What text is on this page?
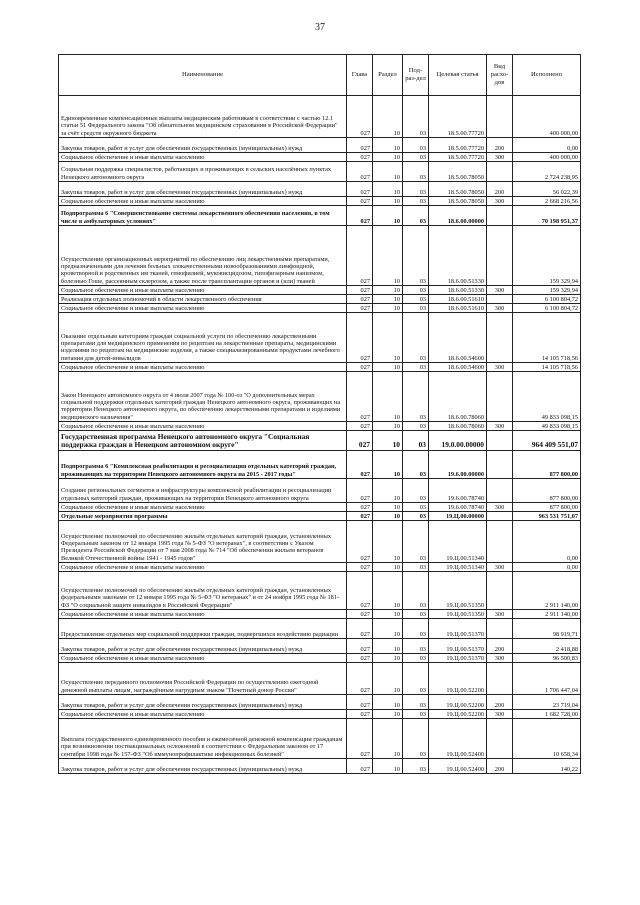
37
Наименование	Глава	Раздел	Под-раз-дел	Целевая статья	Вид расхо-дов	Исполнено
Единовременные компенсационные выплаты медицинским работникам в соответствии с частью 12.1 статьи 51 Федерального закона "Об обязательном медицинском страховании в Российской Федерации" за счёт средств окружного бюджета	027	10	03	18.5.00.77720		400 000,00
Закупка товаров, работ и услуг для обеспечения государственных (муниципальных) нужд	027	10	03	18.5.00.77720	200	0,00
Социальное обеспечение и иные выплаты населению	027	10	03	18.5.00.77720	300	400 000,00
Социальная поддержка специалистов, работающих и проживающих в сельских населённых пунктах Ненецкого автономного округа	027	10	03	18.5.00.78050		2 724 238,95
Закупка товаров, работ и услуг для обеспечения государственных (муниципальных) нужд	027	10	03	18.5.00.78050	200	56 022,39
Социальное обеспечение и иные выплаты населению	027	10	03	18.5.00.78050	300	2 668 216,56
Подпрограмма 6 "Совершенствование системы лекарственного обеспечения населения, в том числе в амбулаторных условиях"	027	10	03	18.6.00.00000		70 198 951,37
Осуществление организационных мероприятий по обеспечению лиц лекарственными препаратами, предназначенными для лечения больных злокачественными новообразованиями лимфоидной, кроветворной и родственных им тканей, гемофилией, муковисцидозом, гипофизарным нанизмом, болезнью Гоше, рассеянным склерозом, а также после трансплантации органов и (или) тканей	027	10	03	18.6.00.51330		159 329,94
Социальное обеспечение и иные выплаты населению	027	10	03	18.6.00.51330	300	159 329,94
Реализация отдельных полномочий в области лекарственного обеспечения	027	10	03	18.6.00.51610		6 100 804,72
Социальное обеспечение и иные выплаты населению	027	10	03	18.6.00.51610	300	6 100 804,72
Оказание отдельным категориям граждан социальной услуги по обеспечению лекарственными препаратами для медицинского применения по рецептам на лекарственные препараты, медицинскими изделиями по рецептам на медицинские изделия, а также специализированными продуктами лечебного питания для детей-инвалидов	027	10	03	18.6.00.54600		14 105 718,56
Социальное обеспечение и иные выплаты населению	027	10	03	18.6.00.54600	300	14 105 718,56
Закон Ненецкого автономного округа от 4 июля 2007 года № 100-оз "О дополнительных мерах социальной поддержки отдельных категорий граждан Ненецкого автономного округа, проживающих на территории Ненецкого автономного округа, по обеспечению лекарственными препаратами и изделиями медицинского назначения"	027	10	03	18.6.00.78060		49 833 098,15
Социальное обеспечение и иные выплаты населению	027	10	03	18.6.00.78060	300	49 833 098,15
Государственная программа Ненецкого автономного округа "Социальная поддержка граждан в Ненецком автономном округе"	027	10	03	19.0.00.00000		964 409 551,07
Подпрограмма 6 "Комплексная реабилитация и ресоциализация отдельных категорий граждан, проживающих на территории Ненецкого автономного округа на 2015 - 2017 годы"	027	10	03	19.6.00.00000		877 800,00
Создание региональных сегментов и инфраструктуры комплексной реабилитации и ресоциализации отдельных категорий граждан, проживающих на территории Ненецкого автономного округа	027	10	03	19.6.00.78740		877 800,00
Социальное обеспечение и иные выплаты населению	027	10	03	19.6.00.78740	300	877 800,00
Отдельные мероприятия программы	027	10	03	19.Ц.00.00000		963 531 751,07
Осуществление полномочий по обеспечению жильём отдельных категорий граждан, установленных Федеральным законом от 12 января 1995 года № 5-ФЗ "О ветеранах", в соответствии с Указом Президента Российской Федерации от 7 мая 2008 года № 714 "Об обеспечении жильем ветеранов Великой Отечественной войны 1941 - 1945 годов"	027	10	03	19.Ц.00.51340		0,00
Социальное обеспечение и иные выплаты населению	027	10	03	19.Ц.00.51340	300	0,00
Осуществление полномочий по обеспечению жильём отдельных категорий граждан, установленных федеральными законами от 12 января 1995 года № 5-ФЗ "О ветеранах" и от 24 ноября 1995 года № 181-ФЗ "О социальной защите инвалидов в Российской Федерации"	027	10	03	19.Ц.00.51350		2 911 140,00
Социальное обеспечение и иные выплаты населению	027	10	03	19.Ц.00.51350	300	2 911 140,00
Предоставление отдельных мер социальной поддержки граждан, подвергшихся воздействию радиации	027	10	03	19.Ц.00.51370		98 919,71
Закупка товаров, работ и услуг для обеспечения государственных (муниципальных) нужд	027	10	03	19.Ц.00.51370	200	2 418,88
Социальное обеспечение и иные выплаты населению	027	10	03	19.Ц.00.51370	300	96 500,83
Осуществление переданного полномочия Российской Федерации по осуществлению ежегодной денежной выплаты лицам, награждённым нагрудным знаком "Почетный донор России"	027	10	03	19.Ц.00.52200		1 706 447,04
Закупка товаров, работ и услуг для обеспечения государственных (муниципальных) нужд	027	10	03	19.Ц.00.52200	200	23 719,04
Социальное обеспечение и иные выплаты населению	027	10	03	19.Ц.00.52200	300	1 682 728,00
Выплата государственного единовременного пособия и ежемесячной денежной компенсации гражданам при возникновении поствакцинальных осложнений в соответствии с Федеральным законом от 17 сентября 1998 года № 157-ФЗ "Об иммунопрофилактике инфекционных болезней"	027	10	03	19.Ц.00.52400		10 658,34
Закупка товаров, работ и услуг для обеспечения государственных (муниципальных) нужд	027	10	03	19.Ц.00.52400	200	140,22
